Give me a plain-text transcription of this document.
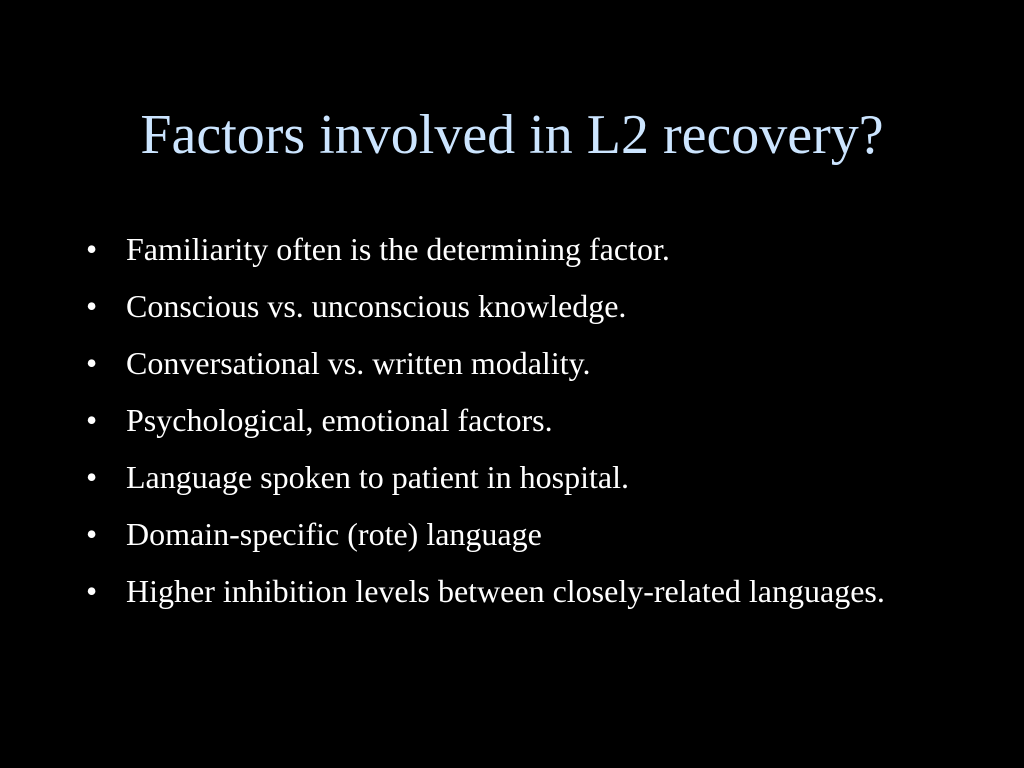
Factors involved in L2 recovery?
• Familiarity often is the determining factor.
• Conscious vs. unconscious knowledge.
• Conversational vs. written modality.
• Psychological, emotional factors.
• Language spoken to patient in hospital.
• Domain-specific (rote) language
• Higher inhibition levels between closely-related languages.
